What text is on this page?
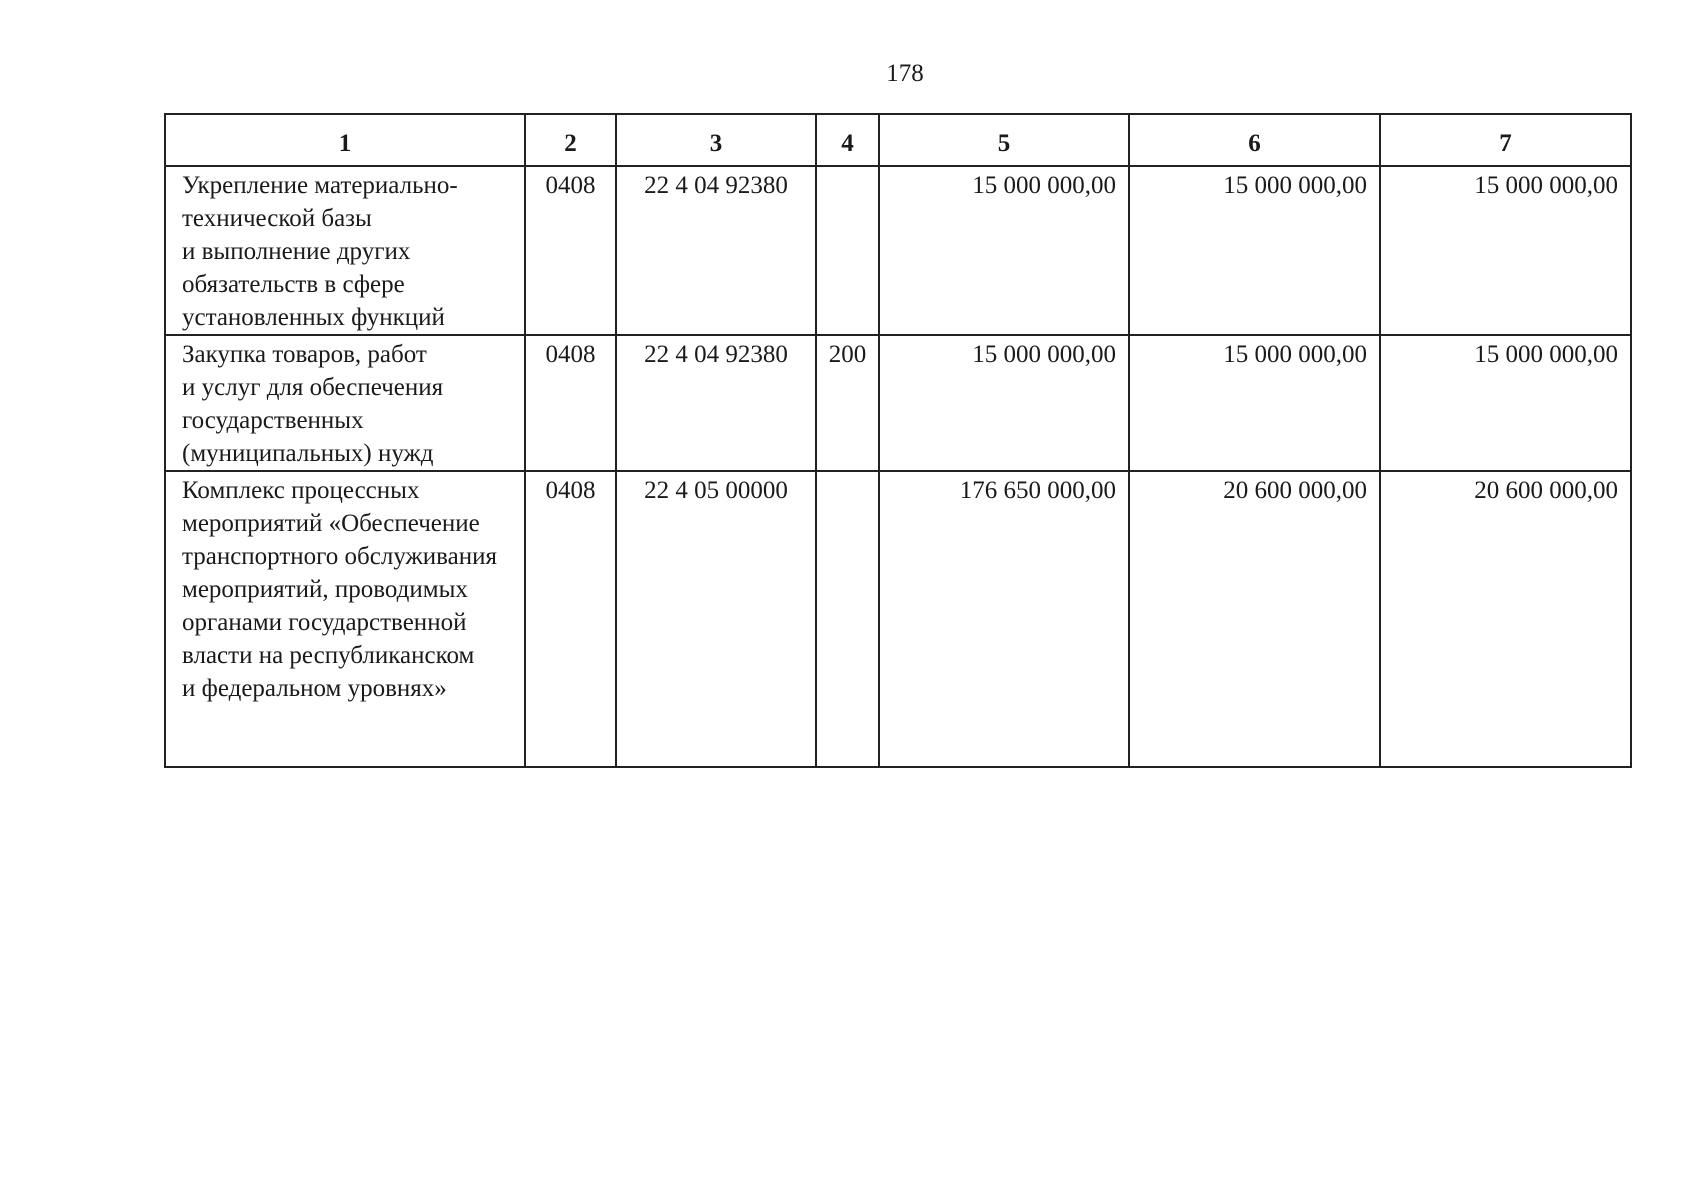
178
1	2	3	4	5	6	7
Укрепление материально-технической базы
и выполнение других обязательств в сфере установленных функций	0408	22 4 04 92380		15 000 000,00	15 000 000,00	15 000 000,00
Закупка товаров, работ
и услуг для обеспечения государственных (муниципальных) нужд	0408	22 4 04 92380	200	15 000 000,00	15 000 000,00	15 000 000,00
Комплекс процессных мероприятий «Обеспечение транспортного обслуживания мероприятий, проводимых органами государственной власти на республиканском
и федеральном уровнях»	0408	22 4 05 00000		176 650 000,00	20 600 000,00	20 600 000,00
